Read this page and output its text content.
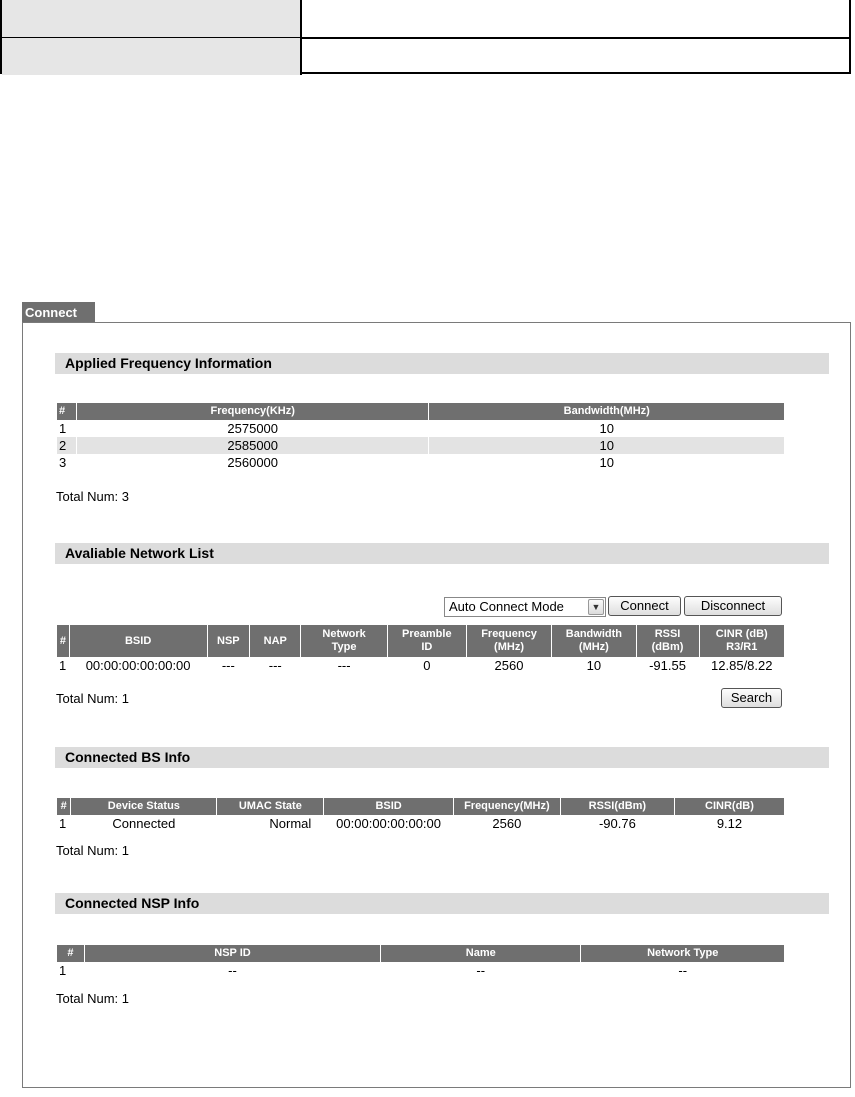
Connect
Applied Frequency Information
#	Frequency(KHz)	Bandwidth(MHz)
1	2575000	10
2	2585000	10
3	2560000	10
Total Num: 3
Avaliable Network List
Auto Connect Mode	▼	Connect	Disconnect
#	BSID	NSP	NAP	Network Type	Preamble ID	Frequency (MHz)	Bandwidth (MHz)	RSSI (dBm)	CINR (dB) R3/R1
1	00:00:00:00:00:00	---	---	---	0	2560	10	-91.55	12.85/8.22
Total Num: 1	Search
Connected BS Info
#	Device Status	UMAC State	BSID	Frequency(MHz)	RSSI(dBm)	CINR(dB)
1	Connected	Normal	00:00:00:00:00:00	2560	-90.76	9.12
Total Num: 1
Connected NSP Info
#	NSP ID	Name	Network Type
1	--	--	--
Total Num: 1
